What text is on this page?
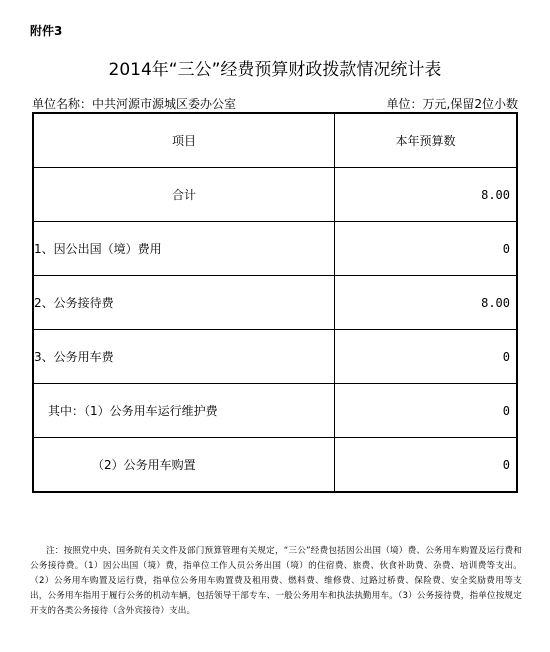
附件3
2014年“三公”经费预算财政拨款情况统计表
单位名称：中共河源市源城区委办公室	单位：万元,保留2位小数
项目	本年预算数
合计	8.00
1、因公出国（境）费用	0
2、公务接待费	8.00
3、公务用车费	0
其中：（1）公务用车运行维护费	0
（2）公务用车购置	0
注：按照党中央、国务院有关文件及部门预算管理有关规定，“三公”经费包括因公出国（境）费、公务用车购置及运行费和公务接待费。（1）因公出国（境）费，指单位工作人员公务出国（境）的住宿费、旅费、伙食补助费、杂费、培训费等支出。（2）公务用车购置及运行费，指单位公务用车购置费及租用费、燃料费、维修费、过路过桥费、保险费、安全奖励费用等支出，公务用车指用于履行公务的机动车辆，包括领导干部专车、一般公务用车和执法执勤用车。（3）公务接待费，指单位按规定开支的各类公务接待（含外宾接待）支出。
